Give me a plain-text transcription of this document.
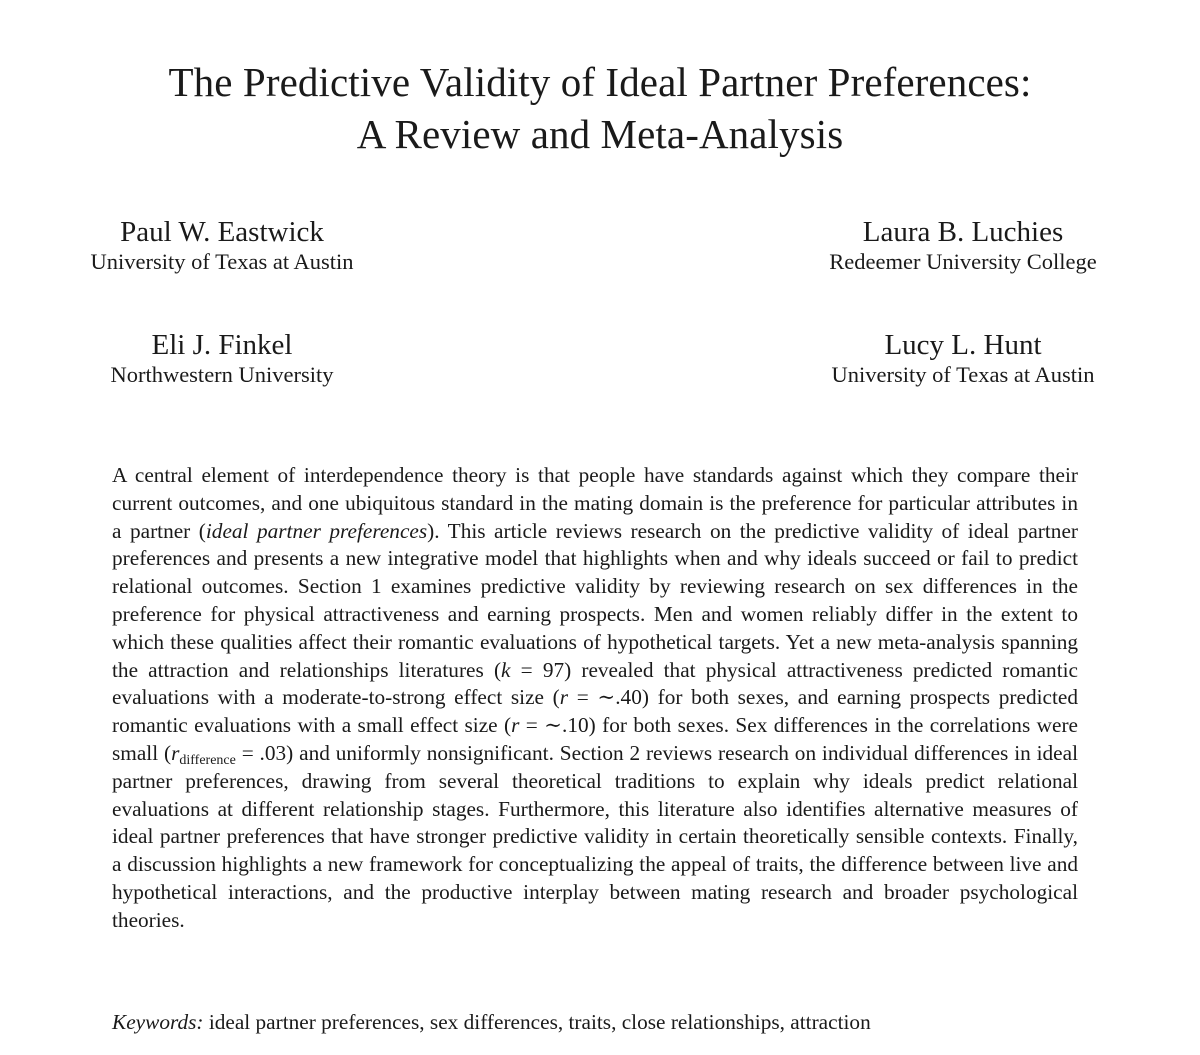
The Predictive Validity of Ideal Partner Preferences:
A Review and Meta-Analysis
Paul W. Eastwick
University of Texas at Austin
Laura B. Luchies
Redeemer University College
Eli J. Finkel
Northwestern University
Lucy L. Hunt
University of Texas at Austin

A central element of interdependence theory is that people have standards against which they compare their current outcomes, and one ubiquitous standard in the mating domain is the preference for particular attributes in a partner (ideal partner preferences). This article reviews research on the predictive validity of ideal partner preferences and presents a new integrative model that highlights when and why ideals succeed or fail to predict relational outcomes. Section 1 examines predictive validity by reviewing research on sex differences in the preference for physical attractiveness and earning prospects. Men and women reliably differ in the extent to which these qualities affect their romantic evaluations of hypothetical targets. Yet a new meta-analysis spanning the attraction and relationships literatures (k = 97) revealed that physical attractiveness predicted romantic evaluations with a moderate-to-strong effect size (r = ∼.40) for both sexes, and earning prospects predicted romantic evaluations with a small effect size (r = ∼.10) for both sexes. Sex differences in the correlations were small $(r_{difference} = .03)$ and uniformly nonsignificant. Section 2 reviews research on individual differences in ideal partner preferences, drawing from several theoretical traditions to explain why ideals predict relational evaluations at different relationship stages. Furthermore, this literature also identifies alternative measures of ideal partner preferences that have stronger predictive validity in certain theoretically sensible contexts. Finally, a discussion highlights a new framework for conceptualizing the appeal of traits, the difference between live and hypothetical interactions, and the productive interplay between mating research and broader psychological theories.

Keywords: ideal partner preferences, sex differences, traits, close relationships, attraction
